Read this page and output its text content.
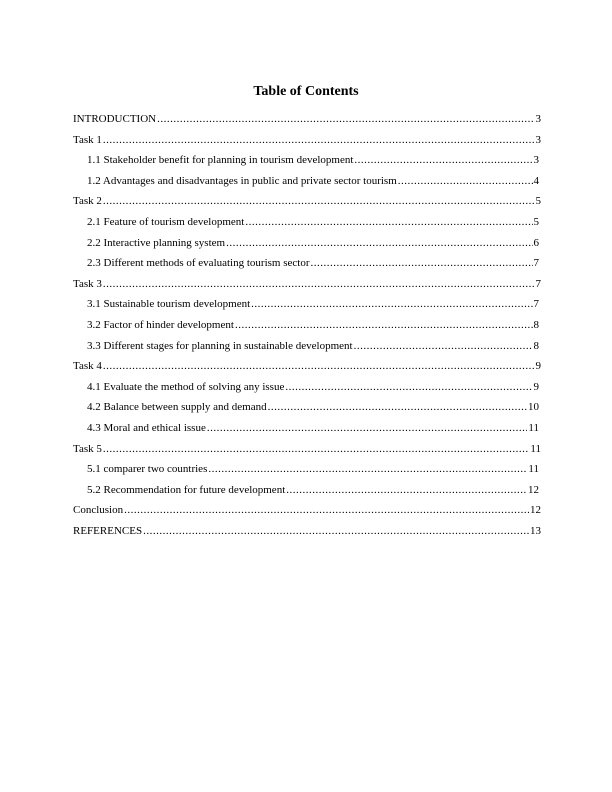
Table of Contents
INTRODUCTION .....	3
Task 1 .....	3
1.1 Stakeholder benefit for planning in tourism development .....	3
1.2 Advantages and disadvantages in public and private sector tourism .....	4
Task 2 .....	5
2.1 Feature of tourism development .....	5
2.2 Interactive planning system .....	6
2.3 Different methods of evaluating tourism sector .....	7
Task 3 .....	7
3.1 Sustainable tourism development .....	7
3.2 Factor of hinder development .....	8
3.3 Different stages for planning in sustainable development .....	8
Task 4 .....	9
4.1 Evaluate the method of solving any issue .....	9
4.2 Balance between supply and demand .....	10
4.3 Moral and ethical issue .....	11
Task 5 .....	11
5.1 comparer two countries .....	11
5.2 Recommendation for future development .....	12
Conclusion .....	12
REFERENCES .....	13
